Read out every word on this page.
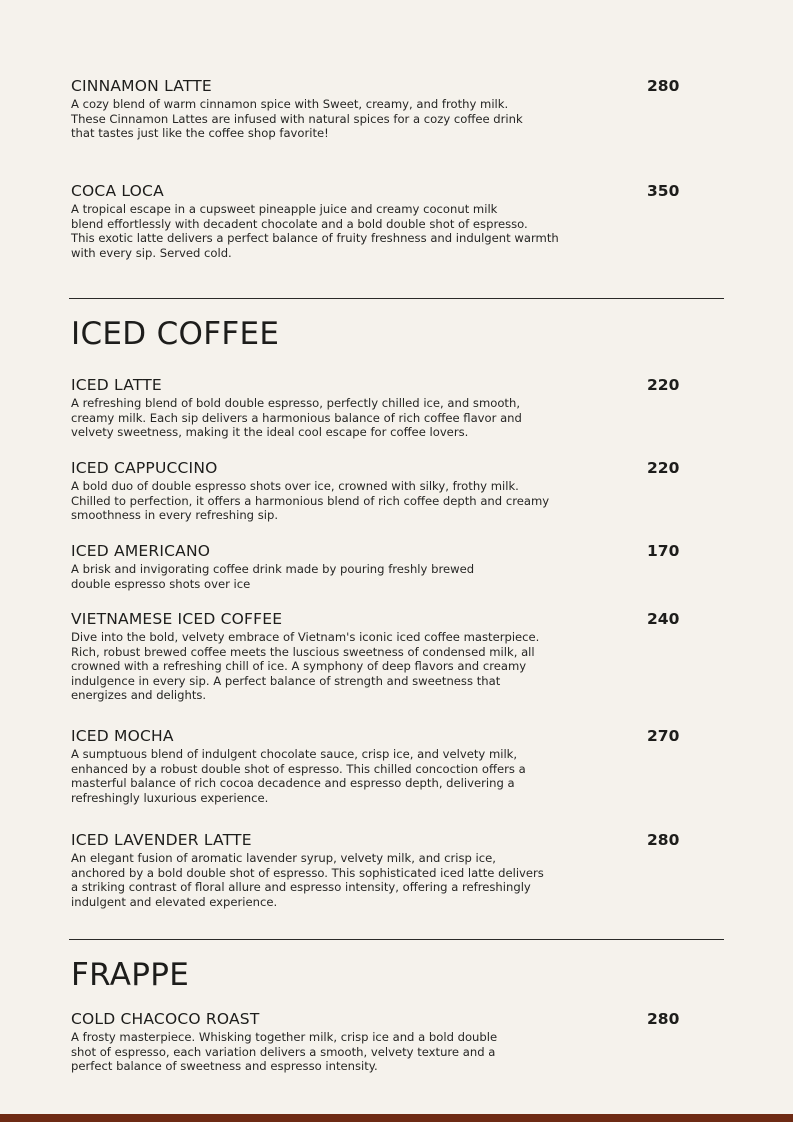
CINNAMON LATTE	280
A cozy blend of warm cinnamon spice with Sweet, creamy, and frothy milk.
These Cinnamon Lattes are infused with natural spices for a cozy coffee drink
that tastes just like the coffee shop favorite!
COCA LOCA	350
A tropical escape in a cupsweet pineapple juice and creamy coconut milk
blend effortlessly with decadent chocolate and a bold double shot of espresso.
This exotic latte delivers a perfect balance of fruity freshness and indulgent warmth
with every sip. Served cold.
ICED COFFEE
ICED LATTE	220
A refreshing blend of bold double espresso, perfectly chilled ice, and smooth,
creamy milk. Each sip delivers a harmonious balance of rich coffee flavor and
velvety sweetness, making it the ideal cool escape for coffee lovers.
ICED CAPPUCCINO	220
A bold duo of double espresso shots over ice, crowned with silky, frothy milk.
Chilled to perfection, it offers a harmonious blend of rich coffee depth and creamy
smoothness in every refreshing sip.
ICED AMERICANO	170
A brisk and invigorating coffee drink made by pouring freshly brewed
double espresso shots over ice
VIETNAMESE ICED COFFEE	240
Dive into the bold, velvety embrace of Vietnam's iconic iced coffee masterpiece.
Rich, robust brewed coffee meets the luscious sweetness of condensed milk, all
crowned with a refreshing chill of ice. A symphony of deep flavors and creamy
indulgence in every sip. A perfect balance of strength and sweetness that
energizes and delights.
ICED MOCHA	270
A sumptuous blend of indulgent chocolate sauce, crisp ice, and velvety milk,
enhanced by a robust double shot of espresso. This chilled concoction offers a
masterful balance of rich cocoa decadence and espresso depth, delivering a
refreshingly luxurious experience.
ICED LAVENDER LATTE	280
An elegant fusion of aromatic lavender syrup, velvety milk, and crisp ice,
anchored by a bold double shot of espresso. This sophisticated iced latte delivers
a striking contrast of floral allure and espresso intensity, offering a refreshingly
indulgent and elevated experience.
FRAPPE
COLD CHACOCO ROAST	280
A frosty masterpiece. Whisking together milk, crisp ice and a bold double
shot of espresso, each variation delivers a smooth, velvety texture and a
perfect balance of sweetness and espresso intensity.
